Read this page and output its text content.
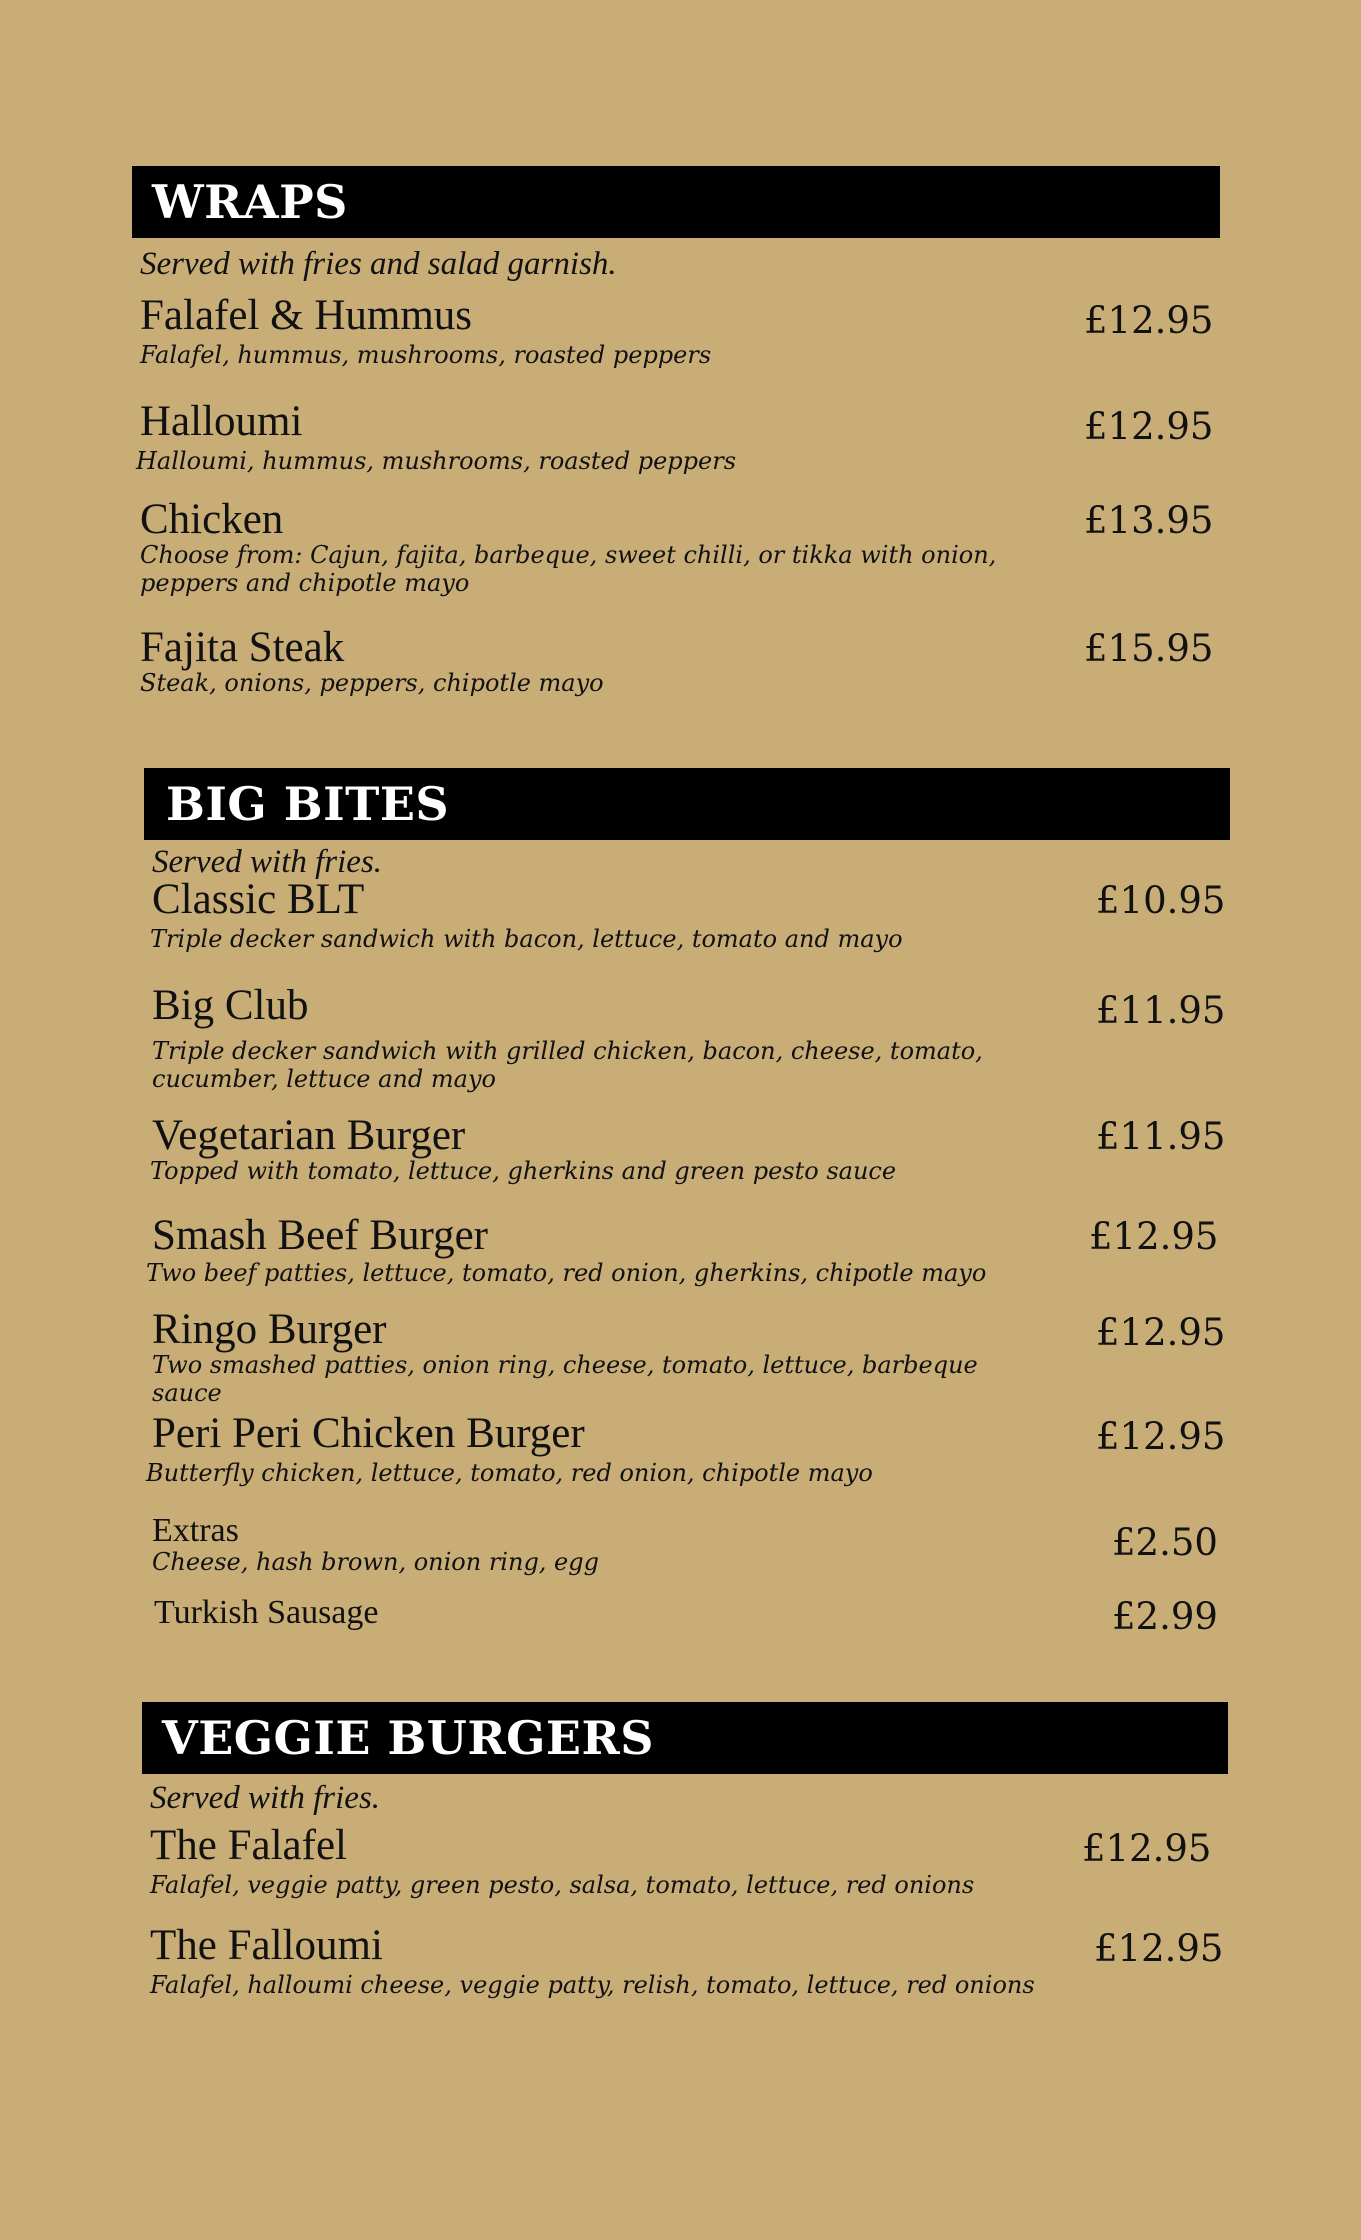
WRAPS
Served with fries and salad garnish.
Falafel & Hummus
Falafel, hummus, mushrooms, roasted peppers
£12.95
Halloumi
Halloumi, hummus, mushrooms, roasted peppers
£12.95
Chicken
Choose from: Cajun, fajita, barbeque, sweet chilli, or tikka with onion, peppers and chipotle mayo
£13.95
Fajita Steak
Steak, onions, peppers, chipotle mayo
£15.95
BIG BITES
Served with fries.
Classic BLT
Triple decker sandwich with bacon, lettuce, tomato and mayo
£10.95
Big Club
Triple decker sandwich with grilled chicken, bacon, cheese, tomato, cucumber, lettuce and mayo
£11.95
Vegetarian Burger
Topped with tomato, lettuce, gherkins and green pesto sauce
£11.95
Smash Beef Burger
Two beef patties, lettuce, tomato, red onion, gherkins, chipotle mayo
£12.95
Ringo Burger
Two smashed patties, onion ring, cheese, tomato, lettuce, barbeque sauce
£12.95
Peri Peri Chicken Burger
Butterfly chicken, lettuce, tomato, red onion, chipotle mayo
£12.95
Extras
Cheese, hash brown, onion ring, egg	£2.50
Turkish Sausage	£2.99
VEGGIE BURGERS
Served with fries.
The Falafel
Falafel, veggie patty, green pesto, salsa, tomato, lettuce, red onions
£12.95
The Falloumi
Falafel, halloumi cheese, veggie patty, relish, tomato, lettuce, red onions
£12.95
